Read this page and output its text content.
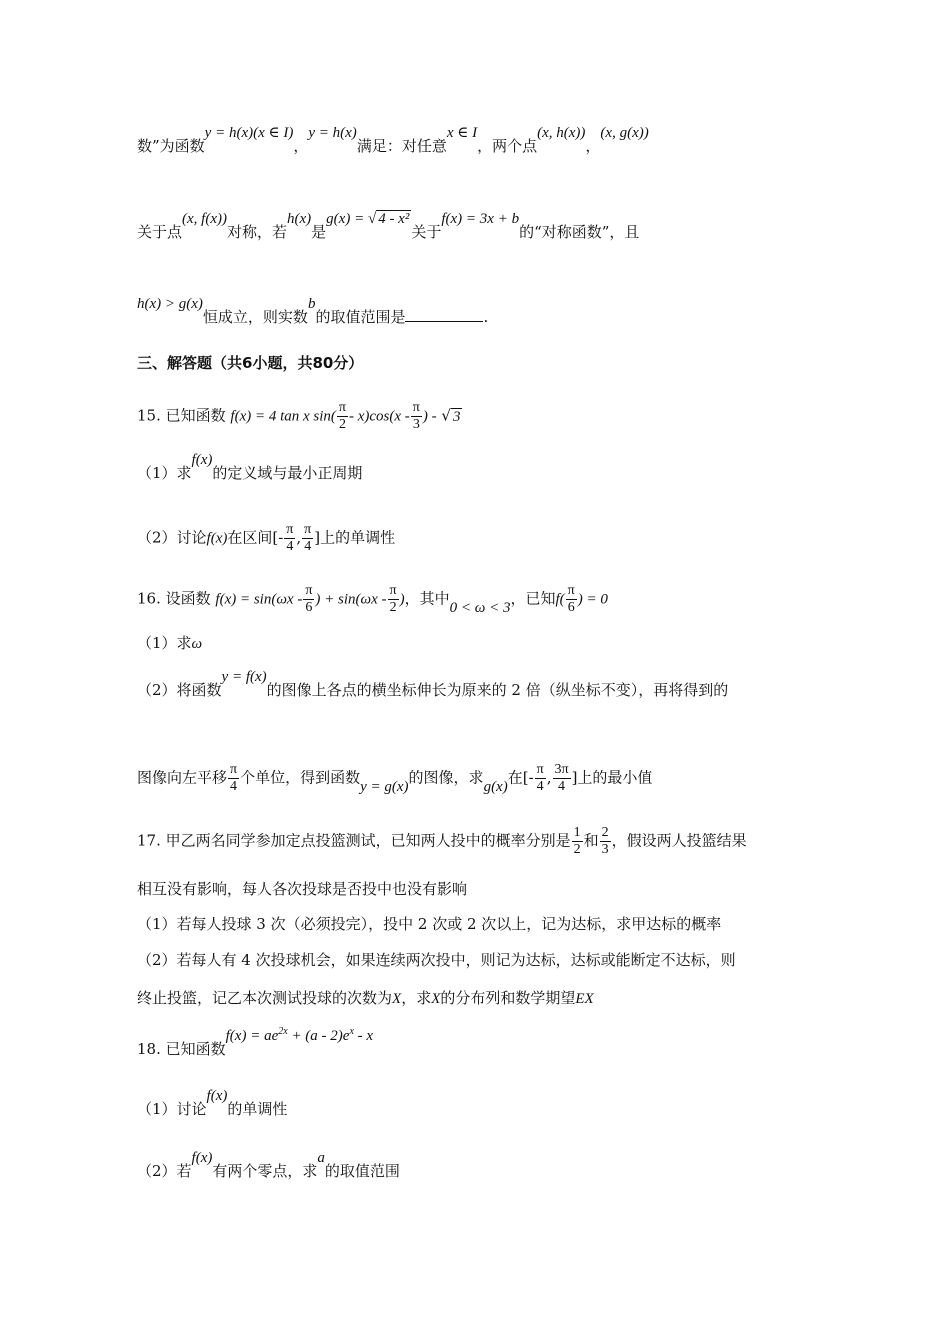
数”为函数y = h(x)(x ∈ I)，y = h(x)满足：对任意x ∈ I，两个点(x, h(x))，(x, g(x))
关于点(x, f(x))对称，若h(x)是g(x) = √ 4 - x²关于f(x) = 3x + b的“对称函数”，且
h(x) > g(x)恒成立，则实数b的取值范围是	.
三、解答题（共6小题，共80分）
15. 已知函数 f(x) = 4 tan x $\sin( \frac{\pi}{2} - x)\cos(x - \frac{\pi}{3}$ ) - √ 3
（1）求f(x)的定义域与最小正周期
（2）讨论f(x)在区间[- $\frac{\pi}{4}$ , $\frac{\pi}{4}$ ]上的单调性
16. 设函数 $f(x) = \sin(\omega x - \frac{\pi}{6}$ ) + $\sin(\omega x - \frac{\pi}{2}$ )，其中0 < ω < 3，已知$f( \frac{\pi}{6}$ ) = 0
（1）求ω
（2）将函数y = f(x)的图像上各点的横坐标伸长为原来的 2 倍（纵坐标不变），再将得到的
图像向左平移 $\frac{\pi}{4}$ 个单位，得到函数y = g(x)的图像，求g(x)在[- $\frac{\pi}{4}$ , $\frac{3\pi}{4}$ ]上的最小值
17. 甲乙两名同学参加定点投篮测试，已知两人投中的概率分别是 $\frac{1}{2}$ 和 $\frac{2}{3}$ ，假设两人投篮结果
相互没有影响，每人各次投球是否投中也没有影响
（1）若每人投球 3 次（必须投完），投中 2 次或 2 次以上，记为达标，求甲达标的概率
（2）若每人有 4 次投球机会，如果连续两次投中，则记为达标，达标或能断定不达标，则
终止投篮，记乙本次测试投球的次数为X，求X的分布列和数学期望EX
18. 已知函数$f(x) = ae^{2x} + (a - 2)e^x - x$
（1）讨论f(x)的单调性
（2）若f(x)有两个零点，求a的取值范围
